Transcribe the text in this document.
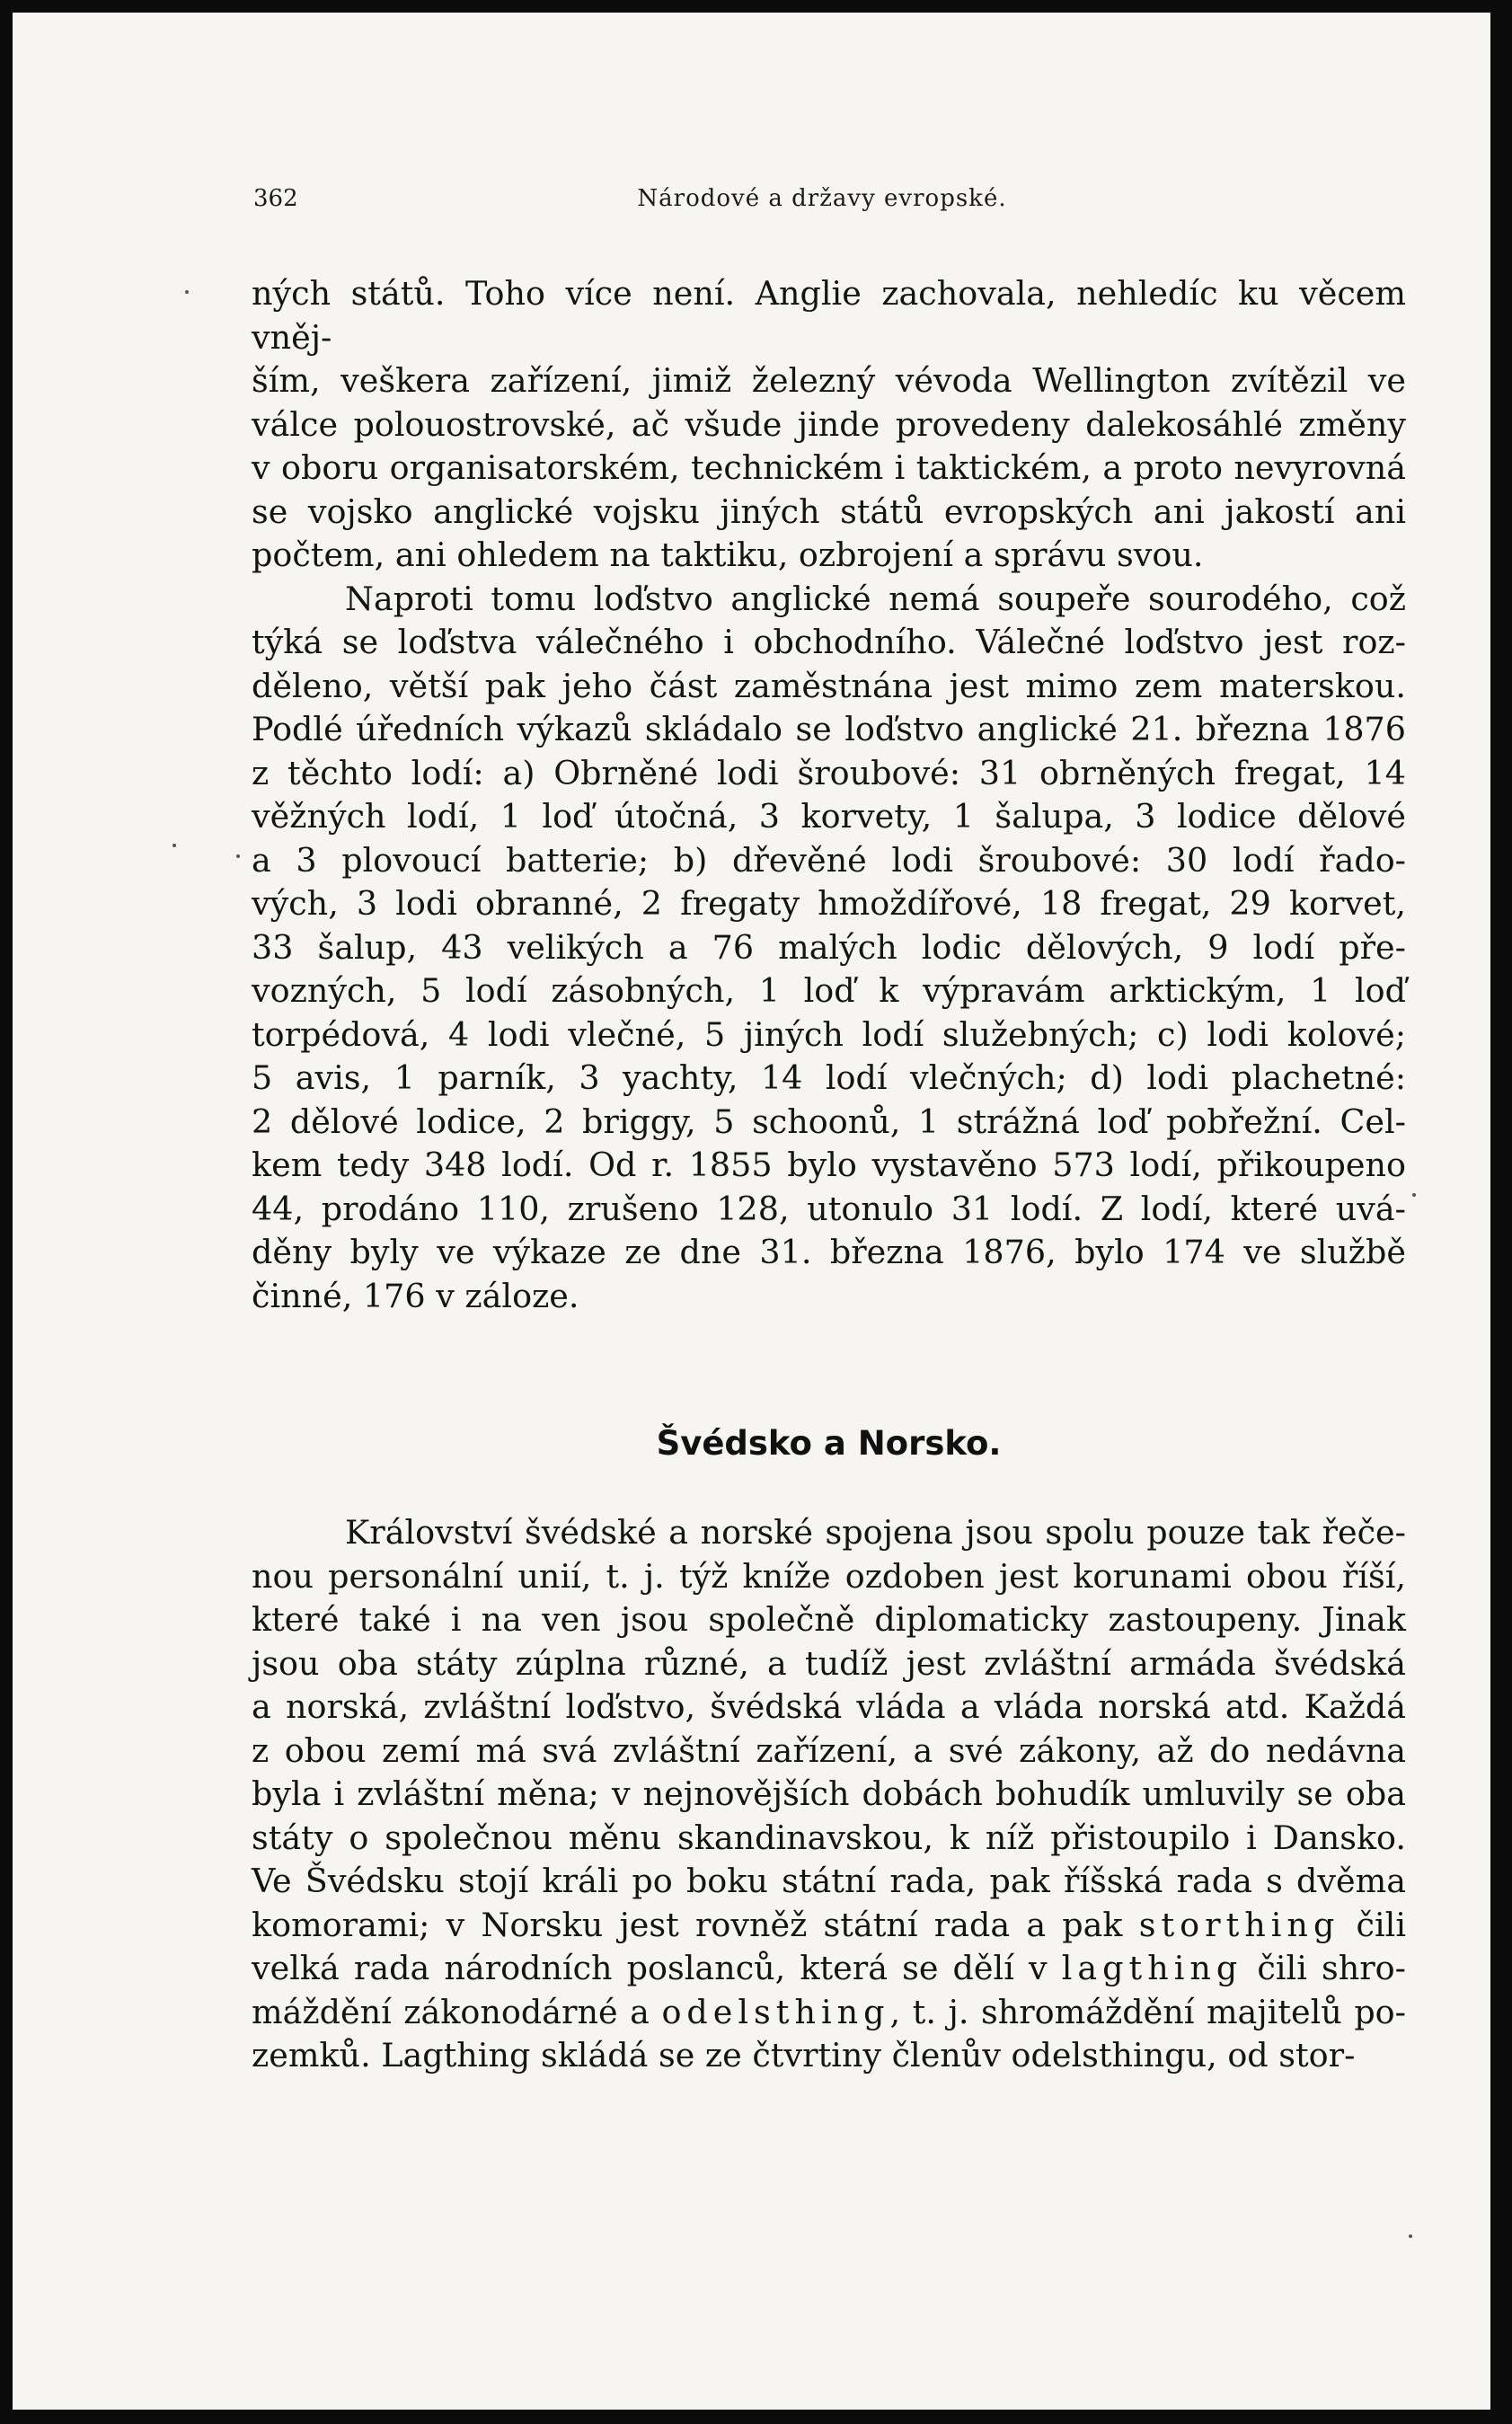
362	Národové a državy evropské.

ných států. Toho více není. Anglie zachovala, nehledíc ku věcem vněj-
ším, veškera zařízení, jimiž železný vévoda Wellington zvítězil ve
válce polouostrovské, ač všude jinde provedeny dalekosáhlé změny
v oboru organisatorském, technickém i taktickém, a proto nevyrovná
se vojsko anglické vojsku jiných států evropských ani jakostí ani
počtem, ani ohledem na taktiku, ozbrojení a správu svou.

Naproti tomu loďstvo anglické nemá soupeře sourodého, což
týká se loďstva válečného i obchodního. Válečné loďstvo jest roz-
děleno, větší pak jeho část zaměstnána jest mimo zem materskou.
Podlé úředních výkazů skládalo se loďstvo anglické 21. března 1876
z těchto lodí: a) Obrněné lodi šroubové: 31 obrněných fregat, 14
věžných lodí, 1 loď útočná, 3 korvety, 1 šalupa, 3 lodice dělové
a 3 plovoucí batterie; b) dřevěné lodi šroubové: 30 lodí řado-
vých, 3 lodi obranné, 2 fregaty hmoždířové, 18 fregat, 29 korvet,
33 šalup, 43 velikých a 76 malých lodic dělových, 9 lodí pře-
vozných, 5 lodí zásobných, 1 loď k výpravám arktickým, 1 loď
torpédová, 4 lodi vlečné, 5 jiných lodí služebných; c) lodi kolové;
5 avis, 1 parník, 3 yachty, 14 lodí vlečných; d) lodi plachetné:
2 dělové lodice, 2 briggy, 5 schoonů, 1 strážná loď pobřežní. Cel-
kem tedy 348 lodí. Od r. 1855 bylo vystavěno 573 lodí, přikoupeno
44, prodáno 110, zrušeno 128, utonulo 31 lodí. Z lodí, které uvá-
děny byly ve výkaze ze dne 31. března 1876, bylo 174 ve službě
činné, 176 v záloze.

Švédsko a Norsko.

Království švédské a norské spojena jsou spolu pouze tak řeče-
nou personální unií, t. j. týž kníže ozdoben jest korunami obou říší,
které také i na ven jsou společně diplomaticky zastoupeny. Jinak
jsou oba státy zúplna různé, a tudíž jest zvláštní armáda švédská
a norská, zvláštní loďstvo, švédská vláda a vláda norská atd. Každá
z obou zemí má svá zvláštní zařízení, a své zákony, až do nedávna
byla i zvláštní měna; v nejnovějších dobách bohudík umluvily se oba
státy o společnou měnu skandinavskou, k níž přistoupilo i Dansko.
Ve Švédsku stojí králi po boku státní rada, pak říšská rada s dvěma
komorami; v Norsku jest rovněž státní rada a pak storthing čili
velká rada národních poslanců, která se dělí v lagthing čili shro-
máždění zákonodárné a odelsthing, t. j. shromáždění majitelů po-
zemků. Lagthing skládá se ze čtvrtiny členův odelsthingu, od stor-
